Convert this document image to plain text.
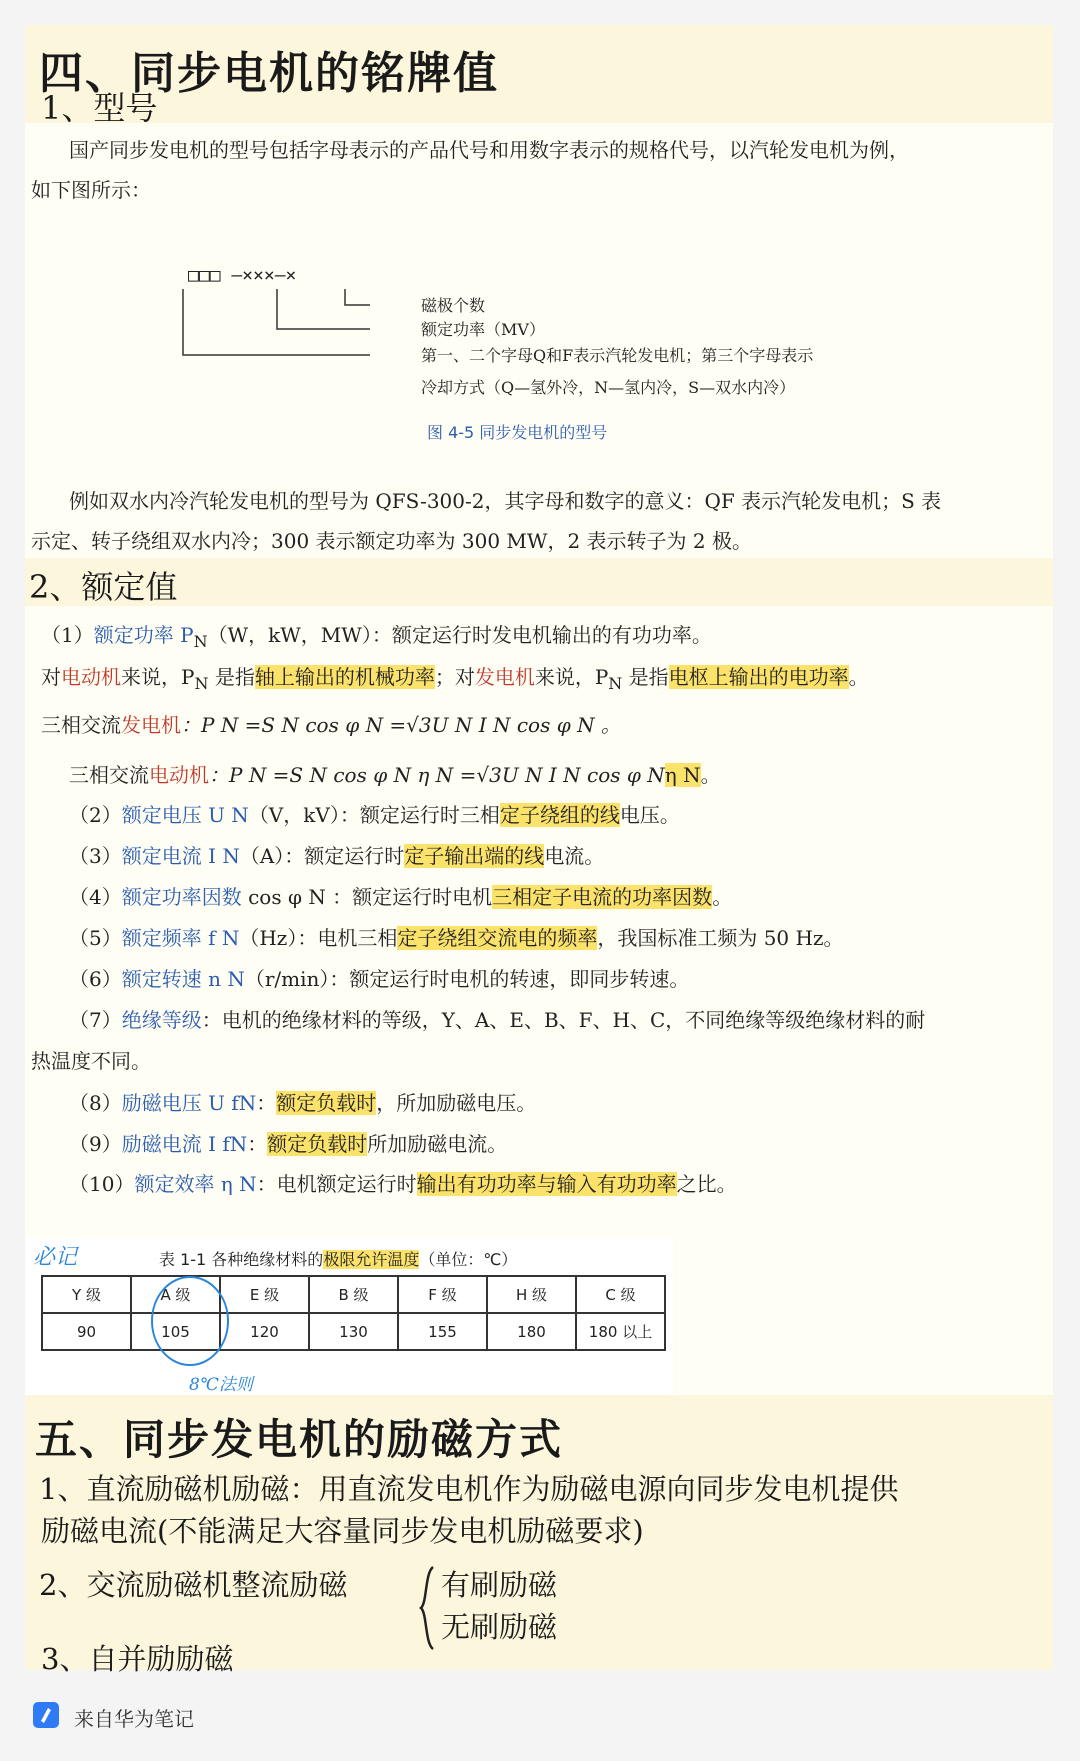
四、同步电机的铭牌值
1、型号
国产同步发电机的型号包括字母表示的产品代号和用数字表示的规格代号，以汽轮发电机为例，
如下图所示：
□□□ —×××—×
磁极个数
额定功率（MV）
第一、二个字母Q和F表示汽轮发电机；第三个字母表示
冷却方式（Q—氢外冷，N—氢内冷，S—双水内冷）
图 4-5 同步发电机的型号
例如双水内冷汽轮发电机的型号为 QFS-300-2，其字母和数字的意义：QF 表示汽轮发电机；S 表
示定、转子绕组双水内冷；300 表示额定功率为 300 MW，2 表示转子为 2 极。
2、额定值
（1）额定功率 $P_N(W$，kW，MW）：额定运行时发电机输出的有功功率。
对电动机来说，$P_N$ 是指轴上输出的机械功率；对发电机来说，$P_N$ 是指电枢上输出的电功率。
三相交流发电机：P N =S N cos φ N =√3U N I N cos φ N 。
三相交流电动机：P N =S N cos φ N η N =√3U N I N cos φ Nη N。
（2）额定电压 U N（V，kV）：额定运行时三相定子绕组的线电压。
（3）额定电流 I N（A）：额定运行时定子输出端的线电流。
（4）额定功率因数 cos φ N ：额定运行时电机三相定子电流的功率因数。
（5）额定频率 f N（Hz）：电机三相定子绕组交流电的频率，我国标准工频为 50 Hz。
（6）额定转速 n N（r/min）：额定运行时电机的转速，即同步转速。
（7）绝缘等级：电机的绝缘材料的等级，Y、A、E、B、F、H、C，不同绝缘等级绝缘材料的耐
热温度不同。
（8）励磁电压 U fN：额定负载时，所加励磁电压。
（9）励磁电流 I fN：额定负载时所加励磁电流。
（10）额定效率 η N：电机额定运行时输出有功功率与输入有功功率之比。
必记	表 1-1 各种绝缘材料的极限允许温度（单位：℃）
Y 级	A 级	E 级	B 级	F 级	H 级	C 级
90	105	120	130	155	180	180 以上
8℃法则
五、同步发电机的励磁方式
1、直流励磁机励磁：用直流发电机作为励磁电源向同步发电机提供
励磁电流(不能满足大容量同步发电机励磁要求)
2、交流励磁机整流励磁	有刷励磁
无刷励磁
3、自并励励磁
来自华为笔记
